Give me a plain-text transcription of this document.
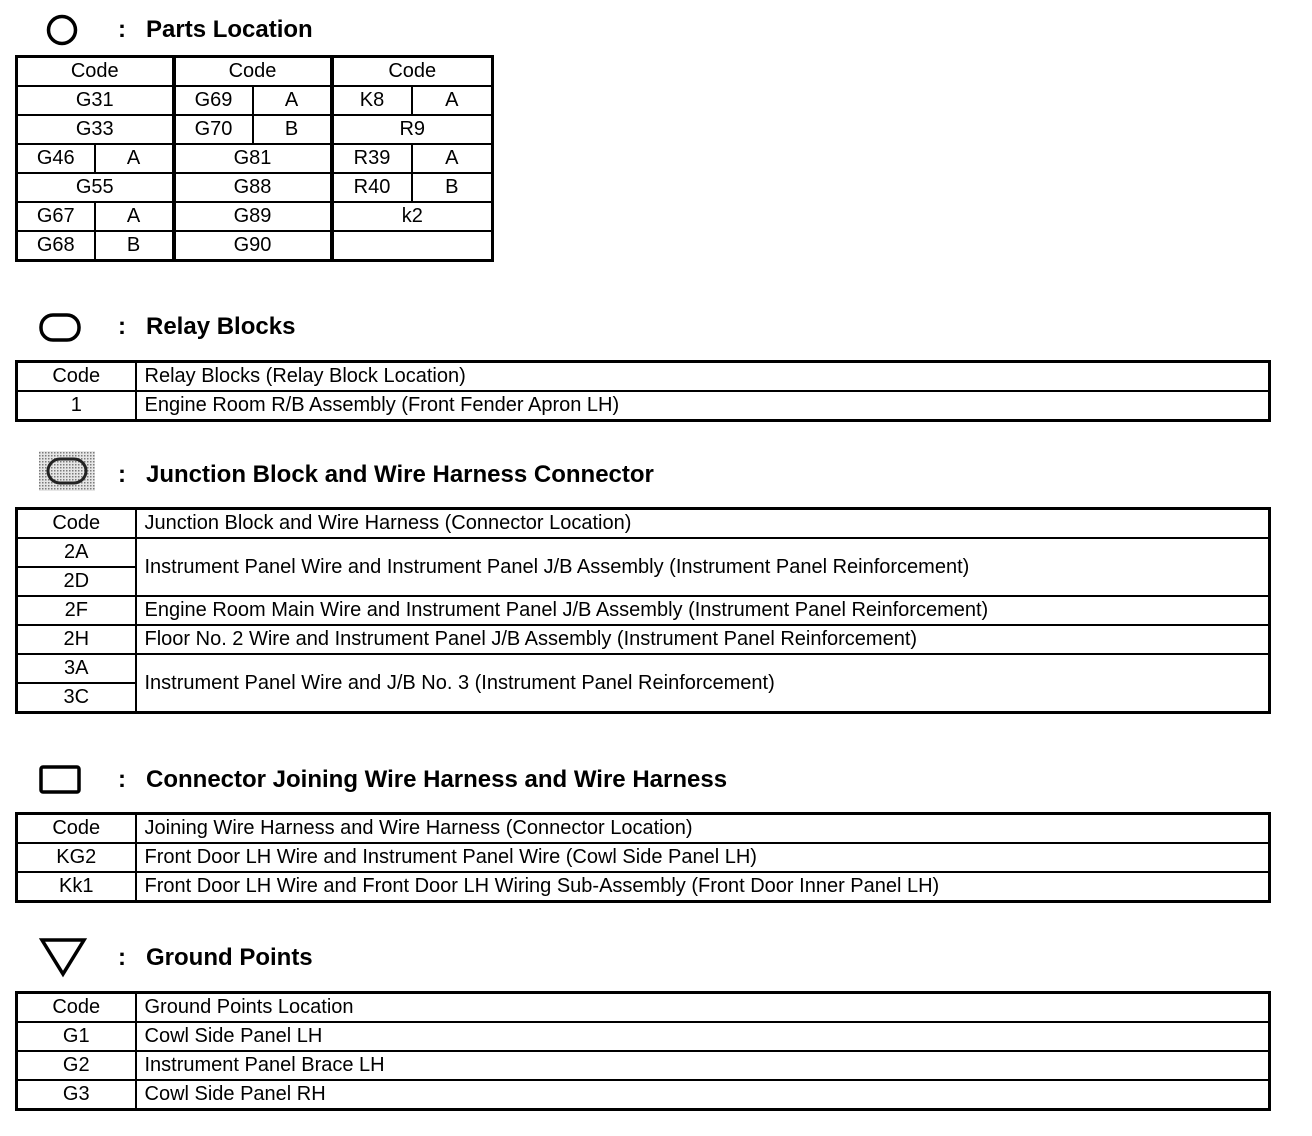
: Parts Location
Code		Code		Code	
G31		G69	A	K8	A
G33		G70	B	R9	
G46	A	G81		R39	A
G55		G88		R40	B
G67	A	G89		k2	
G68	B	G90			
: Relay Blocks
Code	Relay Blocks (Relay Block Location)
1	Engine Room R/B Assembly (Front Fender Apron LH)
: Junction Block and Wire Harness Connector
Code	Junction Block and Wire Harness (Connector Location)
2A	Instrument Panel Wire and Instrument Panel J/B Assembly (Instrument Panel Reinforcement)
2D	
2F	Engine Room Main Wire and Instrument Panel J/B Assembly (Instrument Panel Reinforcement)
2H	Floor No. 2 Wire and Instrument Panel J/B Assembly (Instrument Panel Reinforcement)
3A	Instrument Panel Wire and J/B No. 3 (Instrument Panel Reinforcement)
3C	
: Connector Joining Wire Harness and Wire Harness
Code	Joining Wire Harness and Wire Harness (Connector Location)
KG2	Front Door LH Wire and Instrument Panel Wire (Cowl Side Panel LH)
Kk1	Front Door LH Wire and Front Door LH Wiring Sub-Assembly (Front Door Inner Panel LH)
: Ground Points
Code	Ground Points Location
G1	Cowl Side Panel LH
G2	Instrument Panel Brace LH
G3	Cowl Side Panel RH
